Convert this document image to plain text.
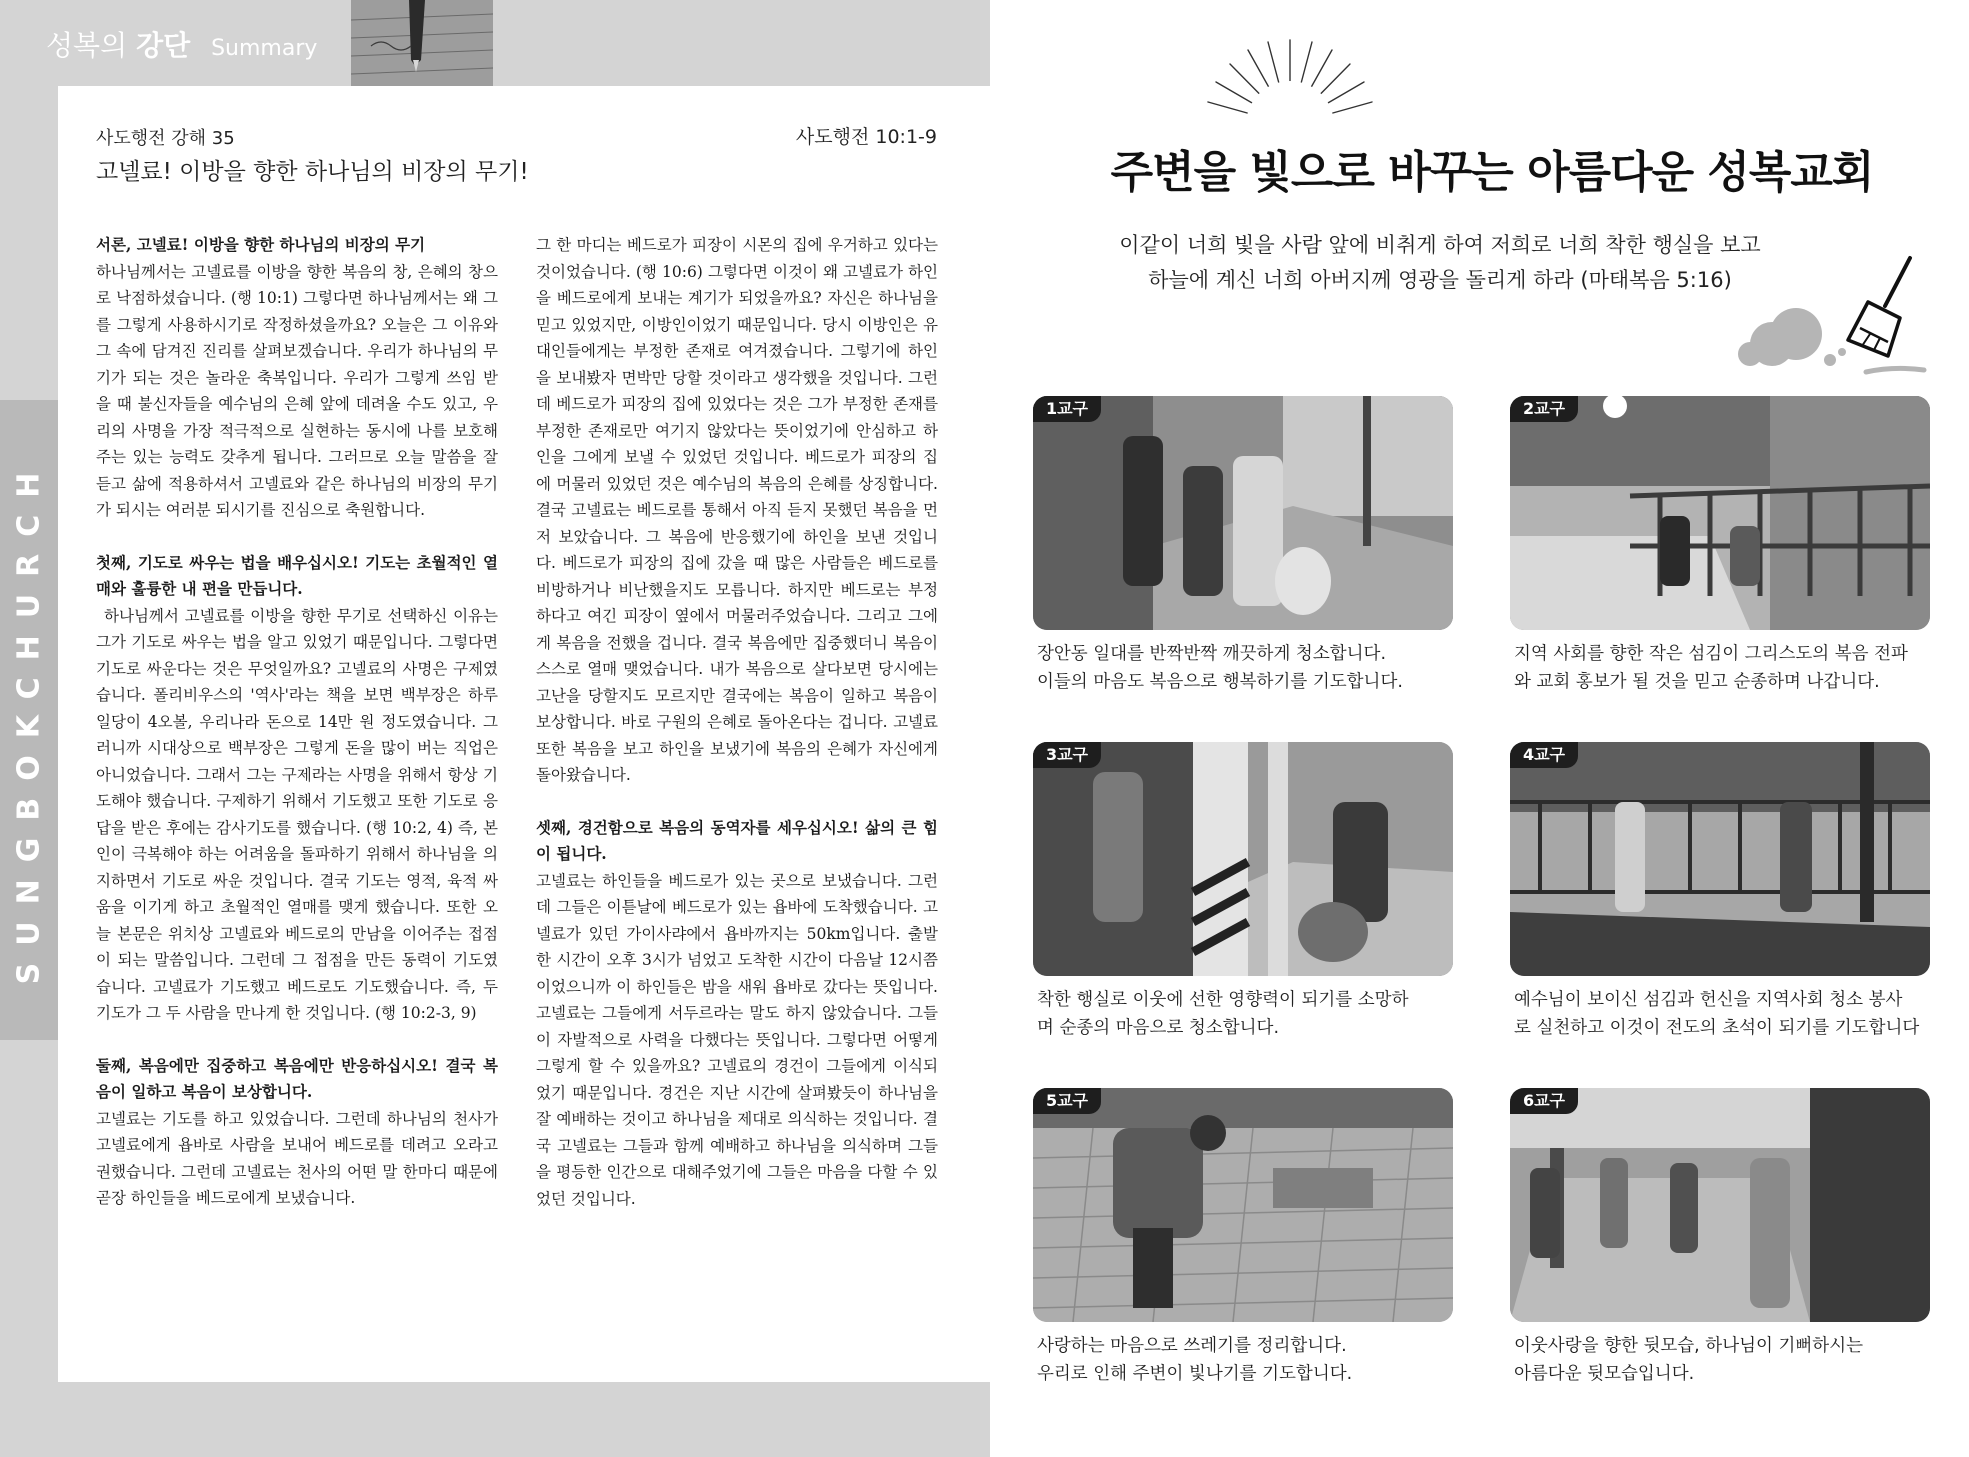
SUNGBOKCHURCH
성복의 강단 Summary
사도행전 강해 35
고넬료! 이방을 향한 하나님의 비장의 무기!
사도행전 10:1-9
서론, 고넬료! 이방을 향한 하나님의 비장의 무기

하나님께서는 고넬료를 이방을 향한 복음의 창, 은혜의 창으로 낙점하셨습니다. (행 10:1) 그렇다면 하나님께서는 왜 그를 그렇게 사용하시기로 작정하셨을까요? 오늘은 그 이유와 그 속에 담겨진 진리를 살펴보겠습니다. 우리가 하나님의 무기가 되는 것은 놀라운 축복입니다. 우리가 그렇게 쓰임 받을 때 불신자들을 예수님의 은혜 앞에 데려올 수도 있고, 우리의 사명을 가장 적극적으로 실현하는 동시에 나를 보호해 주는 있는 능력도 갖추게 됩니다. 그러므로 오늘 말씀을 잘 듣고 삶에 적용하셔서 고넬료와 같은 하나님의 비장의 무기가 되시는 여러분 되시기를 진심으로 축원합니다.

첫째, 기도로 싸우는 법을 배우십시오! 기도는 초월적인 열매와 훌륭한 내 편을 만듭니다.

하나님께서 고넬료를 이방을 향한 무기로 선택하신 이유는 그가 기도로 싸우는 법을 알고 있었기 때문입니다. 그렇다면 기도로 싸운다는 것은 무엇일까요? 고넬료의 사명은 구제였습니다. 폴리비우스의 '역사'라는 책을 보면 백부장은 하루 일당이 4오볼, 우리나라 돈으로 14만 원 정도였습니다. 그러니까 시대상으로 백부장은 그렇게 돈을 많이 버는 직업은 아니었습니다. 그래서 그는 구제라는 사명을 위해서 항상 기도해야 했습니다. 구제하기 위해서 기도했고 또한 기도로 응답을 받은 후에는 감사기도를 했습니다. (행 10:2, 4) 즉, 본인이 극복해야 하는 어려움을 돌파하기 위해서 하나님을 의지하면서 기도로 싸운 것입니다. 결국 기도는 영적, 육적 싸움을 이기게 하고 초월적인 열매를 맺게 했습니다. 또한 오늘 본문은 위치상 고넬료와 베드로의 만남을 이어주는 접점이 되는 말씀입니다. 그런데 그 접점을 만든 동력이 기도였습니다. 고넬료가 기도했고 베드로도 기도했습니다. 즉, 두 기도가 그 두 사람을 만나게 한 것입니다. (행 10:2-3, 9)

둘째, 복음에만 집중하고 복음에만 반응하십시오! 결국 복음이 일하고 복음이 보상합니다.

고넬료는 기도를 하고 있었습니다. 그런데 하나님의 천사가 고넬료에게 욥바로 사람을 보내어 베드로를 데려고 오라고 권했습니다. 그런데 고넬료는 천사의 어떤 말 한마디 때문에 곧장 하인들을 베드로에게 보냈습니다.

그 한 마디는 베드로가 피장이 시몬의 집에 우거하고 있다는 것이었습니다. (행 10:6) 그렇다면 이것이 왜 고넬료가 하인을 베드로에게 보내는 계기가 되었을까요? 자신은 하나님을 믿고 있었지만, 이방인이었기 때문입니다. 당시 이방인은 유대인들에게는 부정한 존재로 여겨졌습니다. 그렇기에 하인을 보내봤자 면박만 당할 것이라고 생각했을 것입니다. 그런데 베드로가 피장의 집에 있었다는 것은 그가 부정한 존재를 부정한 존재로만 여기지 않았다는 뜻이었기에 안심하고 하인을 그에게 보낼 수 있었던 것입니다. 베드로가 피장의 집에 머물러 있었던 것은 예수님의 복음의 은혜를 상징합니다. 결국 고넬료는 베드로를 통해서 아직 듣지 못했던 복음을 먼저 보았습니다. 그 복음에 반응했기에 하인을 보낸 것입니다. 베드로가 피장의 집에 갔을 때 많은 사람들은 베드로를 비방하거나 비난했을지도 모릅니다. 하지만 베드로는 부정하다고 여긴 피장이 옆에서 머물러주었습니다. 그리고 그에게 복음을 전했을 겁니다. 결국 복음에만 집중했더니 복음이 스스로 열매 맺었습니다. 내가 복음으로 살다보면 당시에는 고난을 당할지도 모르지만 결국에는 복음이 일하고 복음이 보상합니다. 바로 구원의 은혜로 돌아온다는 겁니다. 고넬료 또한 복음을 보고 하인을 보냈기에 복음의 은혜가 자신에게 돌아왔습니다.

셋째, 경건함으로 복음의 동역자를 세우십시오! 삶의 큰 힘이 됩니다.

고넬료는 하인들을 베드로가 있는 곳으로 보냈습니다. 그런데 그들은 이튿날에 베드로가 있는 욥바에 도착했습니다. 고넬료가 있던 가이사랴에서 욥바까지는 50km입니다. 출발한 시간이 오후 3시가 넘었고 도착한 시간이 다음날 12시쯤이었으니까 이 하인들은 밤을 새워 욥바로 갔다는 뜻입니다. 고넬료는 그들에게 서두르라는 말도 하지 않았습니다. 그들이 자발적으로 사력을 다했다는 뜻입니다. 그렇다면 어떻게 그렇게 할 수 있을까요? 고넬료의 경건이 그들에게 이식되었기 때문입니다. 경건은 지난 시간에 살펴봤듯이 하나님을 잘 예배하는 것이고 하나님을 제대로 의식하는 것입니다. 결국 고넬료는 그들과 함께 예배하고 하나님을 의식하며 그들을 평등한 인간으로 대해주었기에 그들은 마음을 다할 수 있었던 것입니다.

주변을 빛으로 바꾸는 아름다운 성복교회
이같이 너희 빛을 사람 앞에 비취게 하여 저희로 너희 착한 행실을 보고
하늘에 계신 너희 아버지께 영광을 돌리게 하라 (마태복음 5:16)
1교구
장안동 일대를 반짝반짝 깨끗하게 청소합니다.
이들의 마음도 복음으로 행복하기를 기도합니다.
2교구
지역 사회를 향한 작은 섬김이 그리스도의 복음 전파
와 교회 홍보가 될 것을 믿고 순종하며 나갑니다.
3교구
착한 행실로 이웃에 선한 영향력이 되기를 소망하
며 순종의 마음으로 청소합니다.
4교구
예수님이 보이신 섬김과 헌신을 지역사회 청소 봉사
로 실천하고 이것이 전도의 초석이 되기를 기도합니다
5교구
사랑하는 마음으로 쓰레기를 정리합니다.
우리로 인해 주변이 빛나기를 기도합니다.
6교구
이웃사랑을 향한 뒷모습, 하나님이 기뻐하시는
아름다운 뒷모습입니다.
